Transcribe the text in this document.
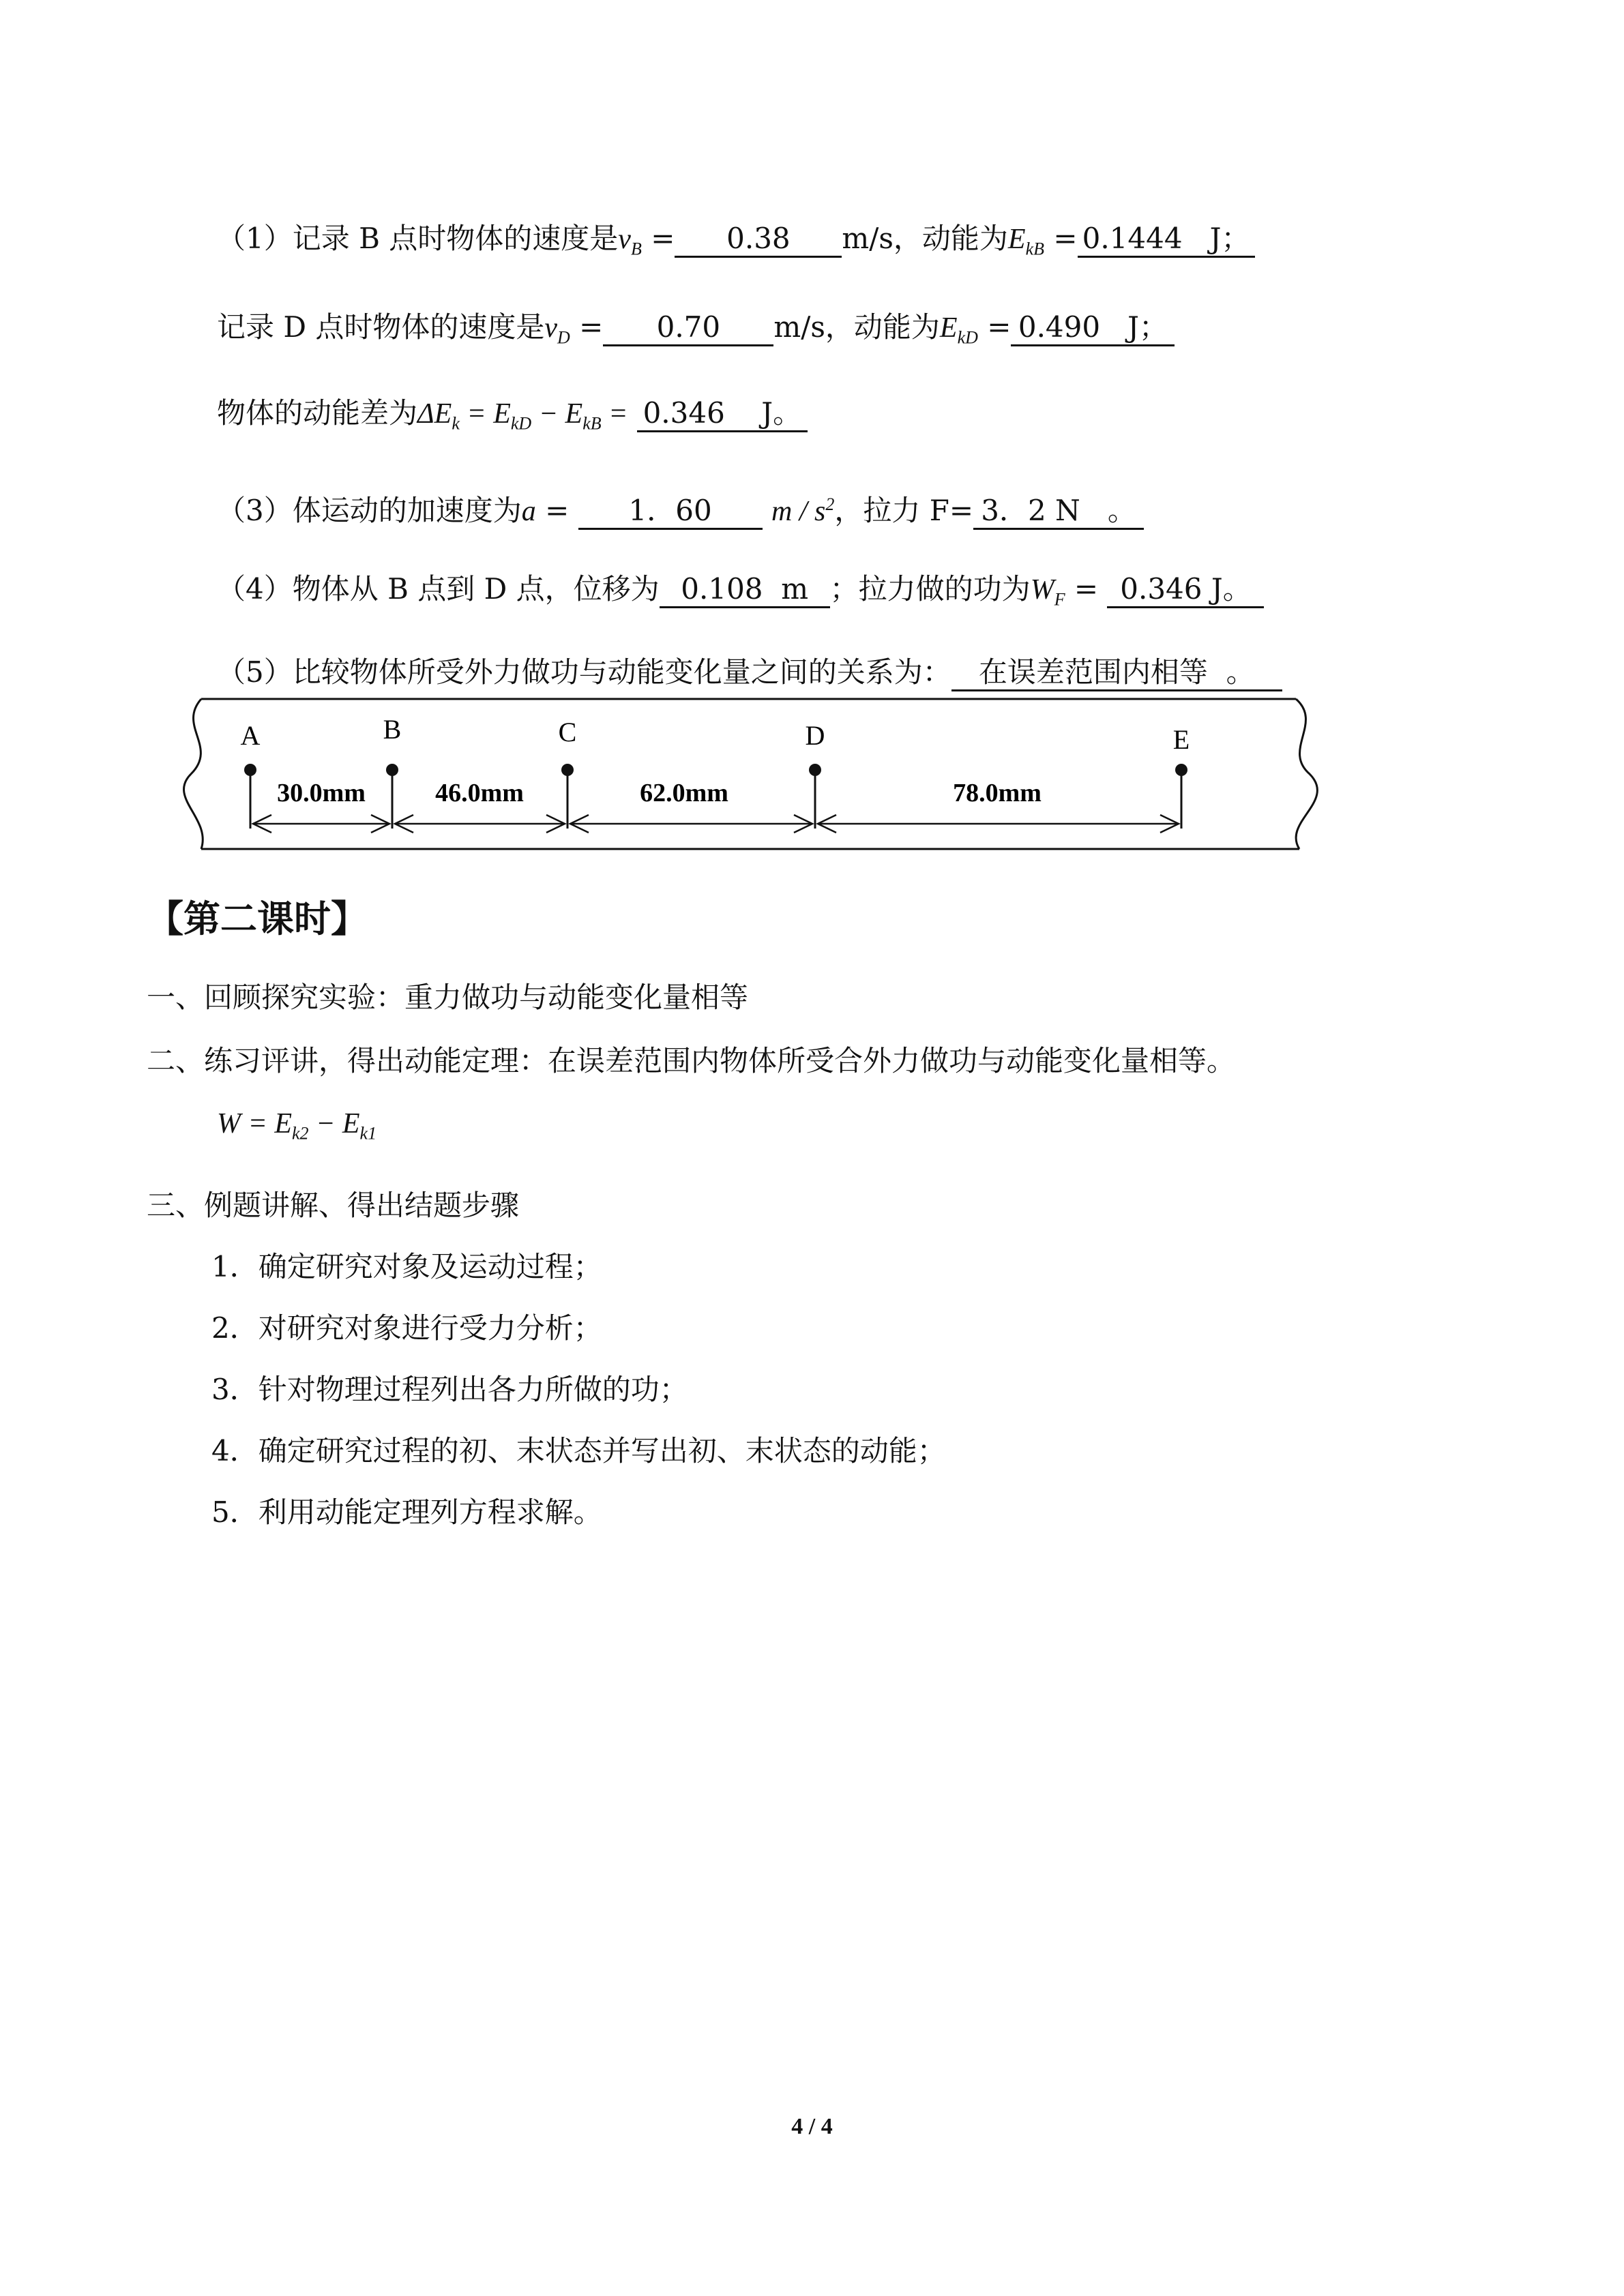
（1）记录 B 点时物体的速度是$v_B = 0.38$ m/s，动能为$E_{kB} = 0.1444$ J；
记录 D 点时物体的速度是$v_D = 0.70$ m/s，动能为$E_{kD} = 0.490$ J；
物体的动能差为$\Delta E_k = E_{kD} - E_{kB} = 0.346$ J。
（3）体运动的加速度为a = 1．60 m / $s^2$，拉力 F= 3．2 N 。
（4）物体从 B 点到 D 点，位移为 0.108 m ；拉力做的功为$W_F = 0.346$ J。
（5）比较物体所受外力做功与动能变化量之间的关系为： 在误差范围内相等 。
A	B	C	D	E
30.0mm	46.0mm	62.0mm	78.0mm
【第二课时】
一、回顾探究实验：重力做功与动能变化量相等
二、练习评讲，得出动能定理：在误差范围内物体所受合外力做功与动能变化量相等。
$W = E_{k2} - E_{k1}$
三、例题讲解、得出结题步骤
1．确定研究对象及运动过程；
2．对研究对象进行受力分析；
3．针对物理过程列出各力所做的功；
4．确定研究过程的初、末状态并写出初、末状态的动能；
5．利用动能定理列方程求解。
4 / 4
